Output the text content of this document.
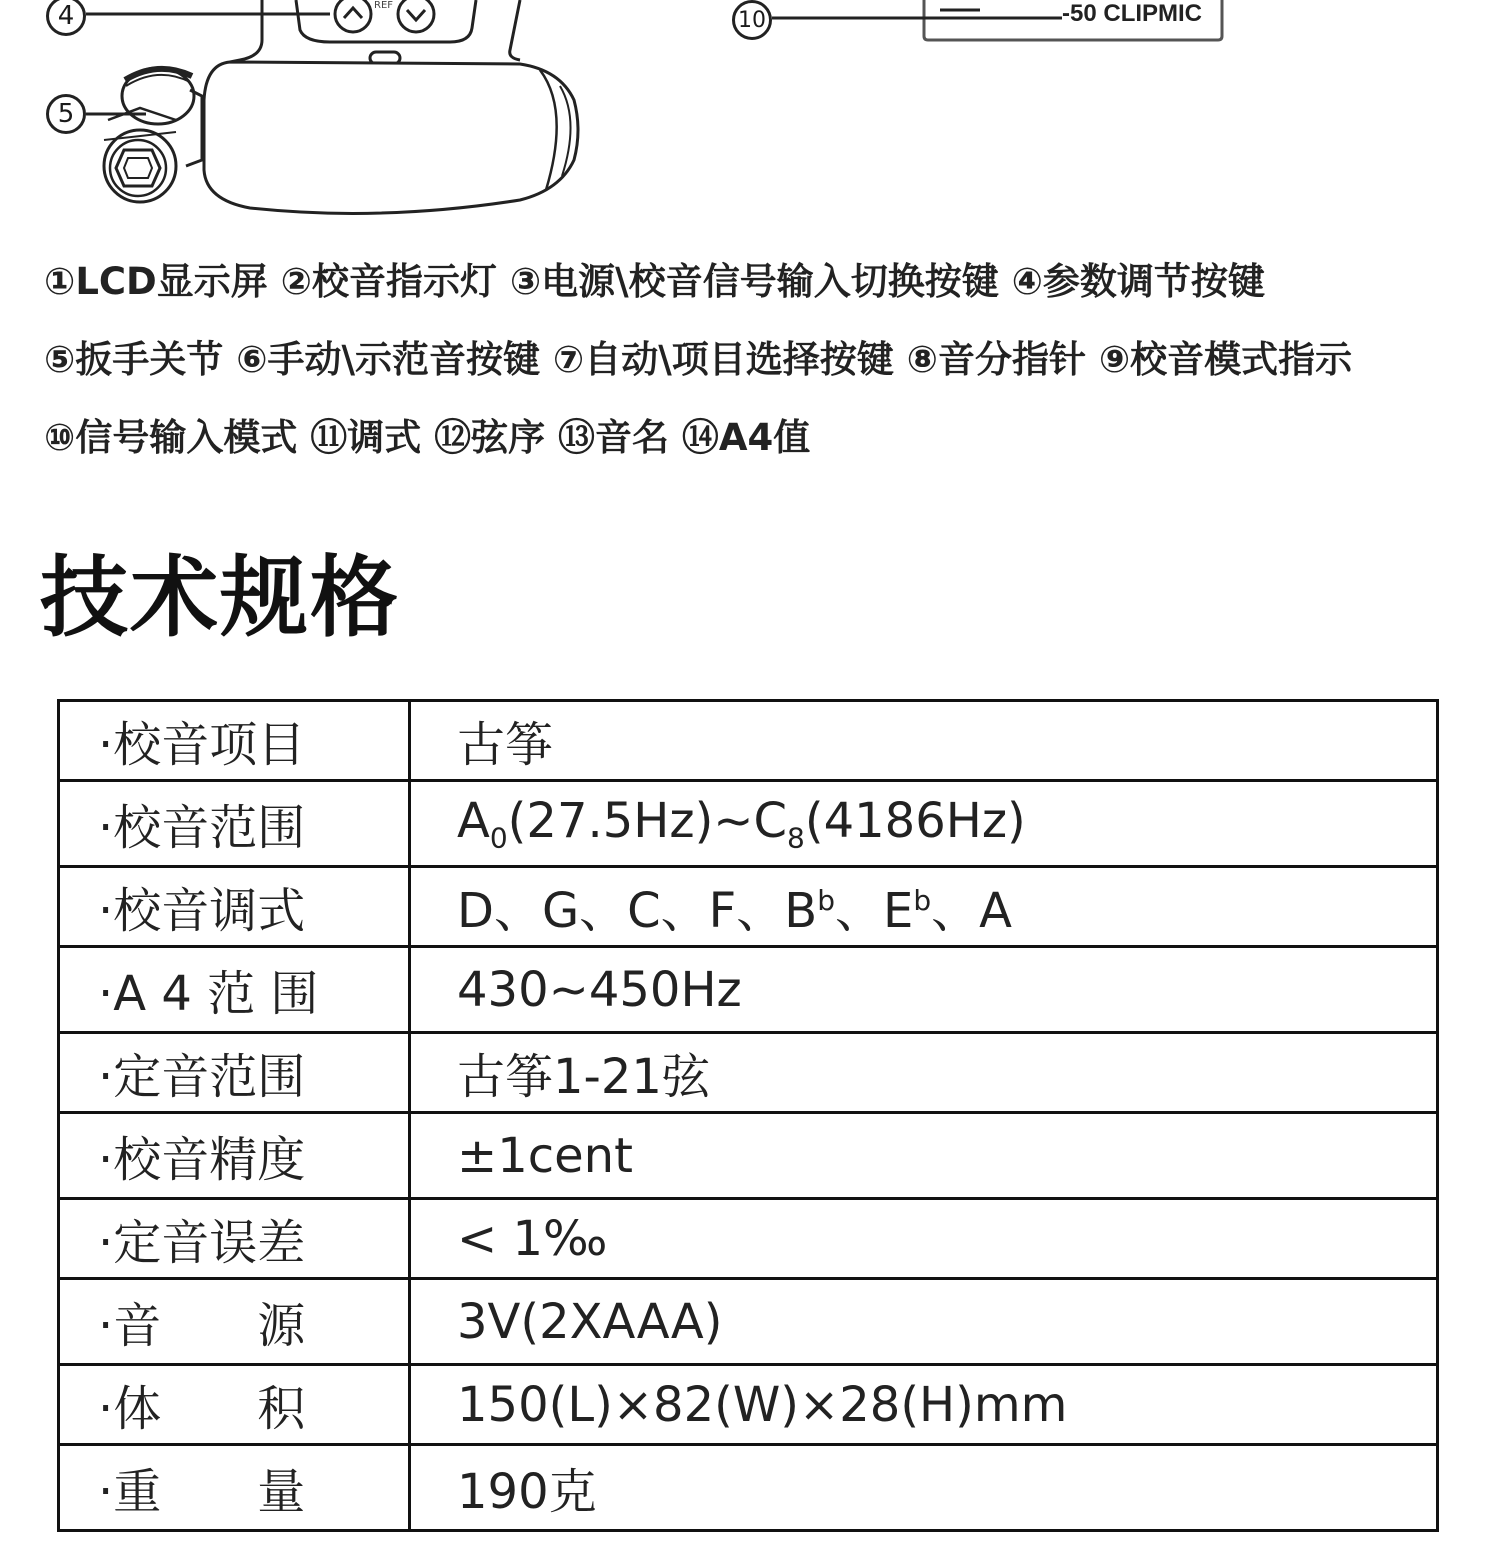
REF
4
5
10	-50 CLIPMIC
①LCD显示屏 ②校音指示灯 ③电源\校音信号输入切换按键 ④参数调节按键
⑤扳手关节 ⑥手动\示范音按键 ⑦自动\项目选择按键 ⑧音分指针 ⑨校音模式指示
⑩信号输入模式 ⑪调式 ⑫弦序 ⑬音名 ⑭A4值
技术规格
·校音项目	古筝
·校音范围	$A_0(27.5Hz)\sim C_8(4186Hz)$
·校音调式	D、G、C、F、$B^b$、$E^b$、A
·A 4 范 围	430~450Hz
·定音范围	古筝1-21弦
·校音精度	±1cent
·定音误差	< 1‰
·音　　源	3V(2XAAA)
·体　　积	150(L)×82(W)×28(H)mm
·重　　量	190克
